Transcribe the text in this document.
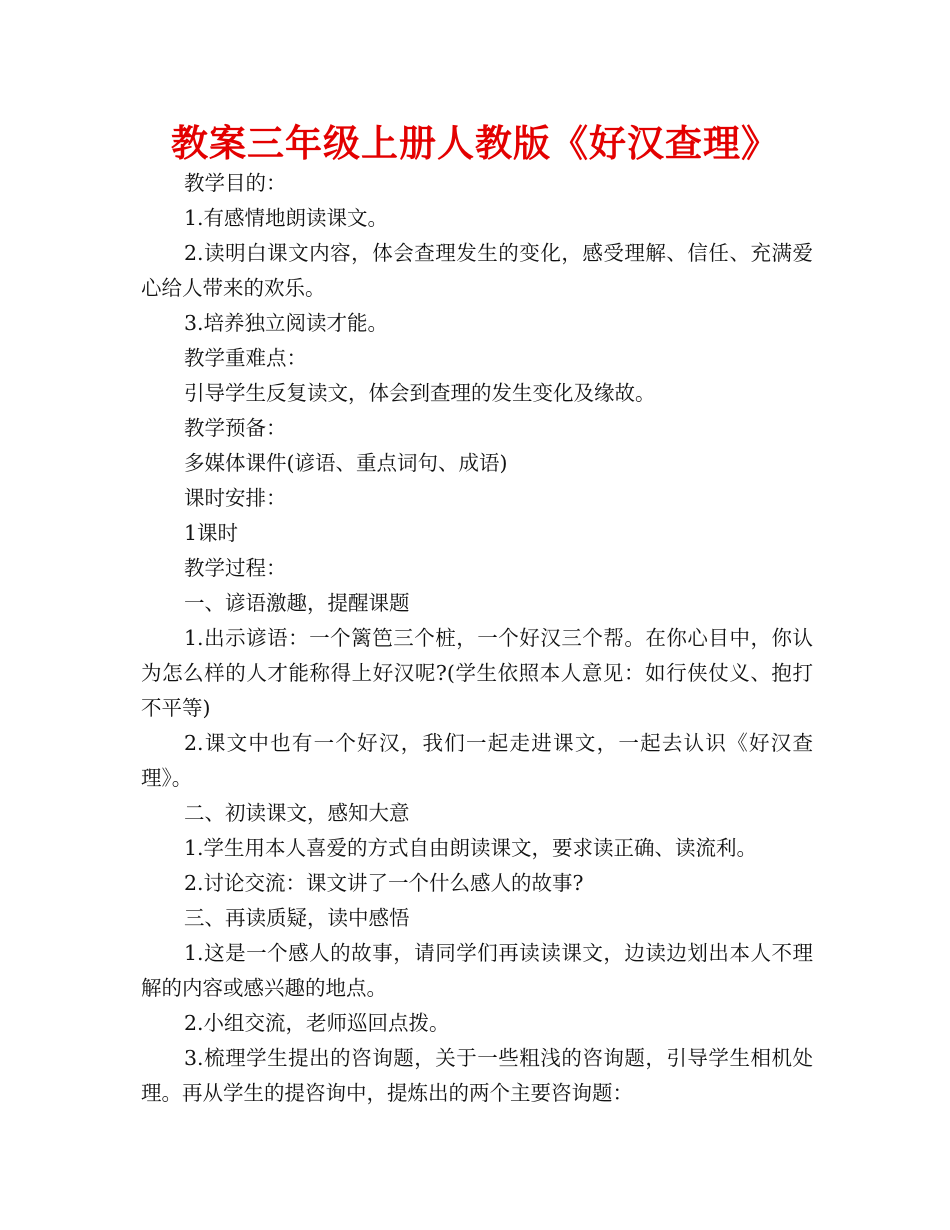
教案三年级上册人教版《好汉查理》

教学目的：

1.有感情地朗读课文。

2.读明白课文内容，体会查理发生的变化，感受理解、信任、充满爱心给人带来的欢乐。

3.培养独立阅读才能。

教学重难点：

引导学生反复读文，体会到查理的发生变化及缘故。

教学预备：

多媒体课件(谚语、重点词句、成语)

课时安排：

1课时

教学过程：

一、谚语激趣，提醒课题

1.出示谚语：一个篱笆三个桩，一个好汉三个帮。在你心目中，你认为怎么样的人才能称得上好汉呢?(学生依照本人意见：如行侠仗义、抱打不平等)

2.课文中也有一个好汉，我们一起走进课文，一起去认识《好汉查理》。

二、初读课文，感知大意

1.学生用本人喜爱的方式自由朗读课文，要求读正确、读流利。

2.讨论交流：课文讲了一个什么感人的故事?

三、再读质疑，读中感悟

1.这是一个感人的故事，请同学们再读读课文，边读边划出本人不理解的内容或感兴趣的地点。

2.小组交流，老师巡回点拨。

3.梳理学生提出的咨询题，关于一些粗浅的咨询题，引导学生相机处理。再从学生的提咨询中，提炼出的两个主要咨询题：
